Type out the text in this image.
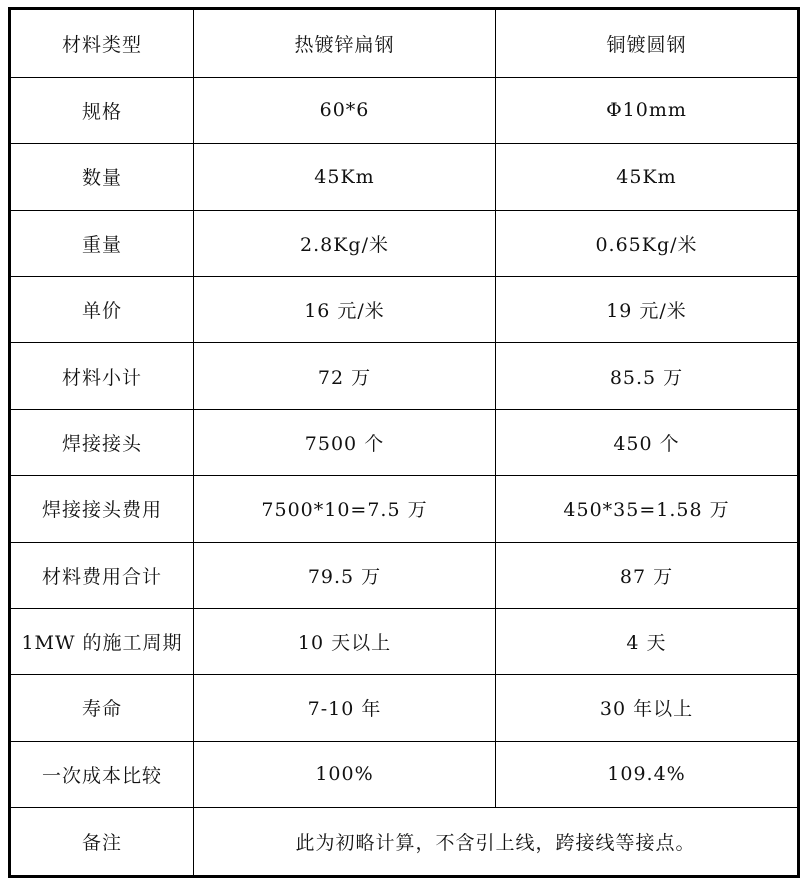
材料类型	热镀锌扁钢	铜镀圆钢
规格	60*6	Φ10mm
数量	45Km	45Km
重量	2.8Kg/米	0.65Kg/米
单价	16 元/米	19 元/米
材料小计	72 万	85.5 万
焊接接头	7500 个	450 个
焊接接头费用	7500*10=7.5 万	450*35=1.58 万
材料费用合计	79.5 万	87 万
1MW 的施工周期	10 天以上	4 天
寿命	7-10 年	30 年以上
一次成本比较	100%	109.4%
备注	此为初略计算，不含引上线，跨接线等接点。	
